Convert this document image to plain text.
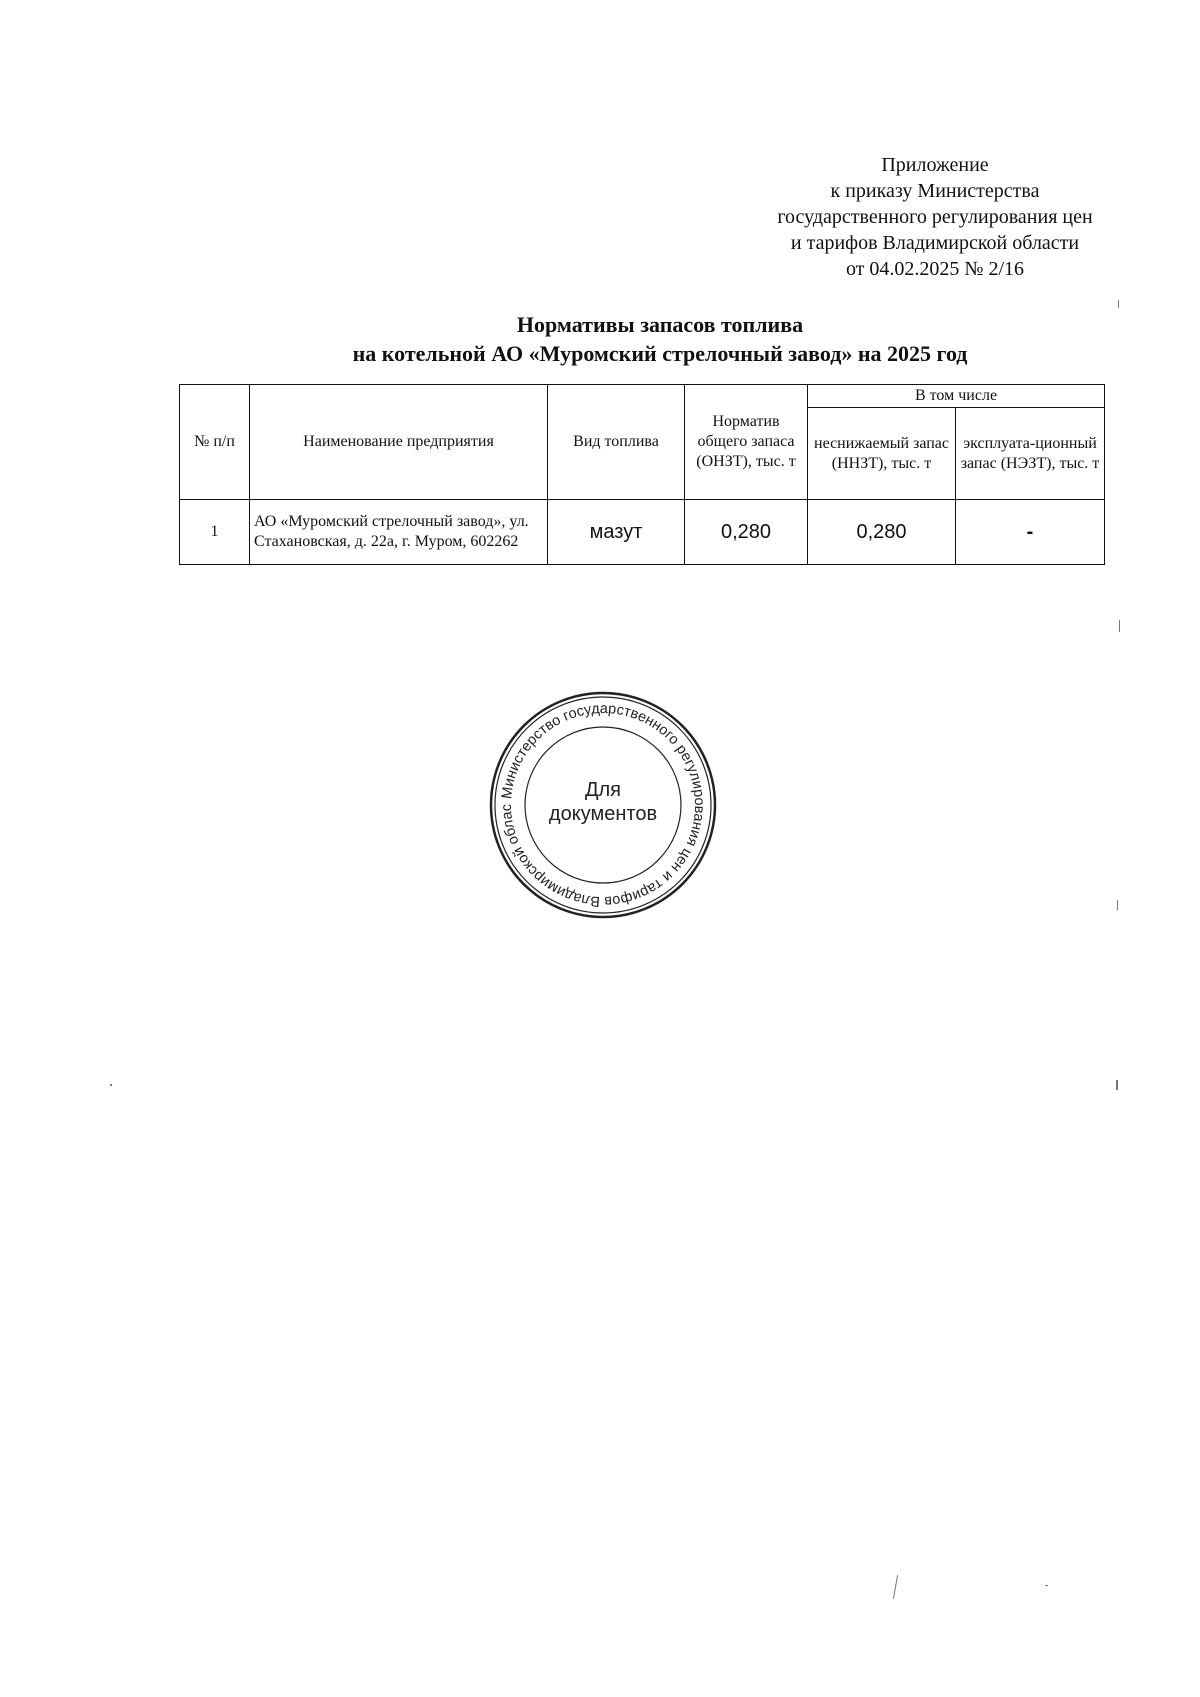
Приложение
к приказу Министерства
государственного регулирования цен
и тарифов Владимирской области
от 04.02.2025 № 2/16
Нормативы запасов топлива
на котельной АО «Муромский стрелочный завод» на 2025 год
№ п/п	Наименование предприятия	Вид топлива	Норматив общего запаса (ОНЗТ), тыс. т	В том числе	
				неснижаемый запас (ННЗТ), тыс. т	эксплуата-ционный запас (НЭЗТ), тыс. т
1	АО «Муромский стрелочный завод», ул. Стахановская, д. 22а, г. Муром, 602262	мазут	0,280	0,280	-
Министерство государственного регулирования цен и тарифов Владимирской облас
Для
документов
